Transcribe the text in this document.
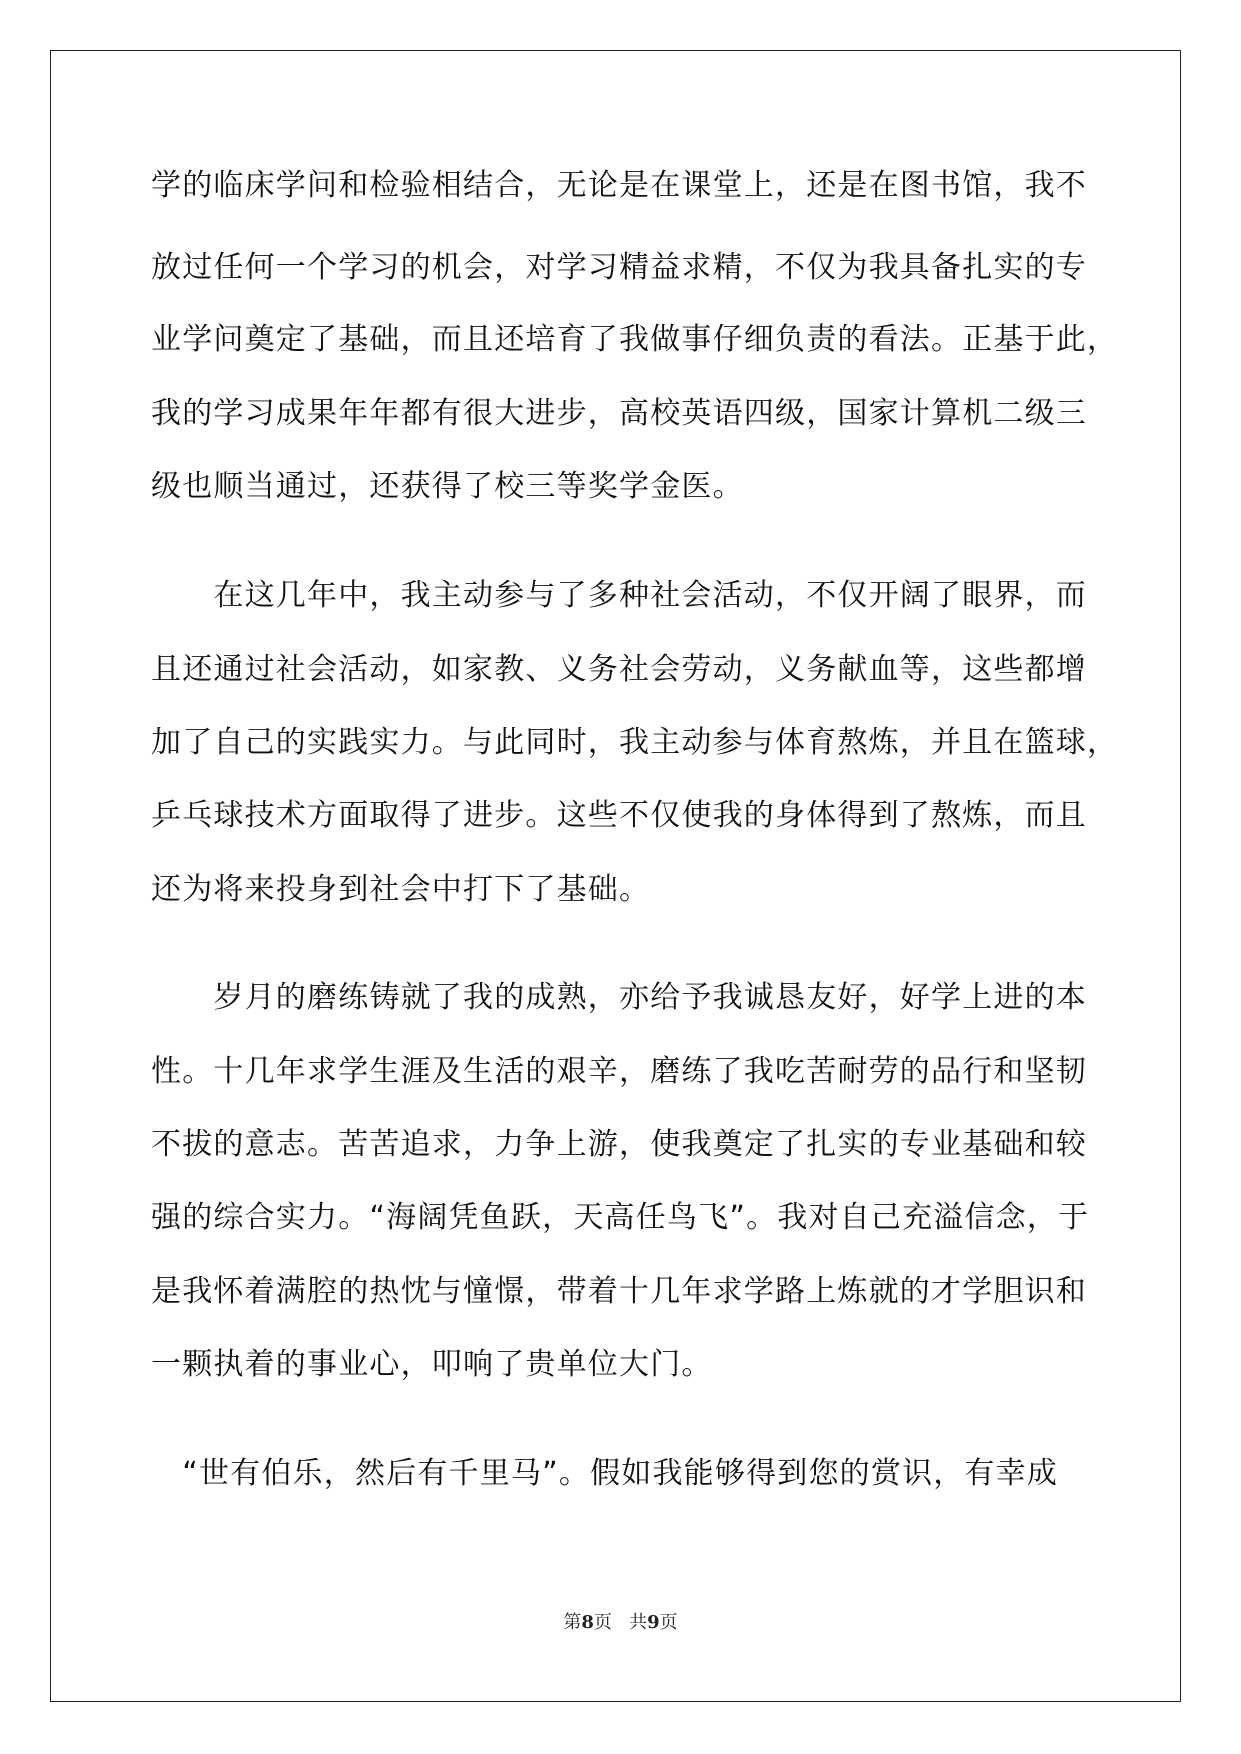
学的临床学问和检验相结合，无论是在课堂上，还是在图书馆，我不
放过任何一个学习的机会，对学习精益求精，不仅为我具备扎实的专
业学问奠定了基础，而且还培育了我做事仔细负责的看法。正基于此，
我的学习成果年年都有很大进步，高校英语四级，国家计算机二级三
级也顺当通过，还获得了校三等奖学金医。
　　在这几年中，我主动参与了多种社会活动，不仅开阔了眼界，而
且还通过社会活动，如家教、义务社会劳动，义务献血等，这些都增
加了自己的实践实力。与此同时，我主动参与体育熬炼，并且在篮球，
乒乓球技术方面取得了进步。这些不仅使我的身体得到了熬炼，而且
还为将来投身到社会中打下了基础。
　　岁月的磨练铸就了我的成熟，亦给予我诚恳友好，好学上进的本
性。十几年求学生涯及生活的艰辛，磨练了我吃苦耐劳的品行和坚韧
不拔的意志。苦苦追求，力争上游，使我奠定了扎实的专业基础和较
强的综合实力。“海阔凭鱼跃，天高任鸟飞”。我对自己充溢信念，于
是我怀着满腔的热忱与憧憬，带着十几年求学路上炼就的才学胆识和
一颗执着的事业心，叩响了贵单位大门。
　“世有伯乐，然后有千里马”。假如我能够得到您的赏识，有幸成
第8页 共9页
